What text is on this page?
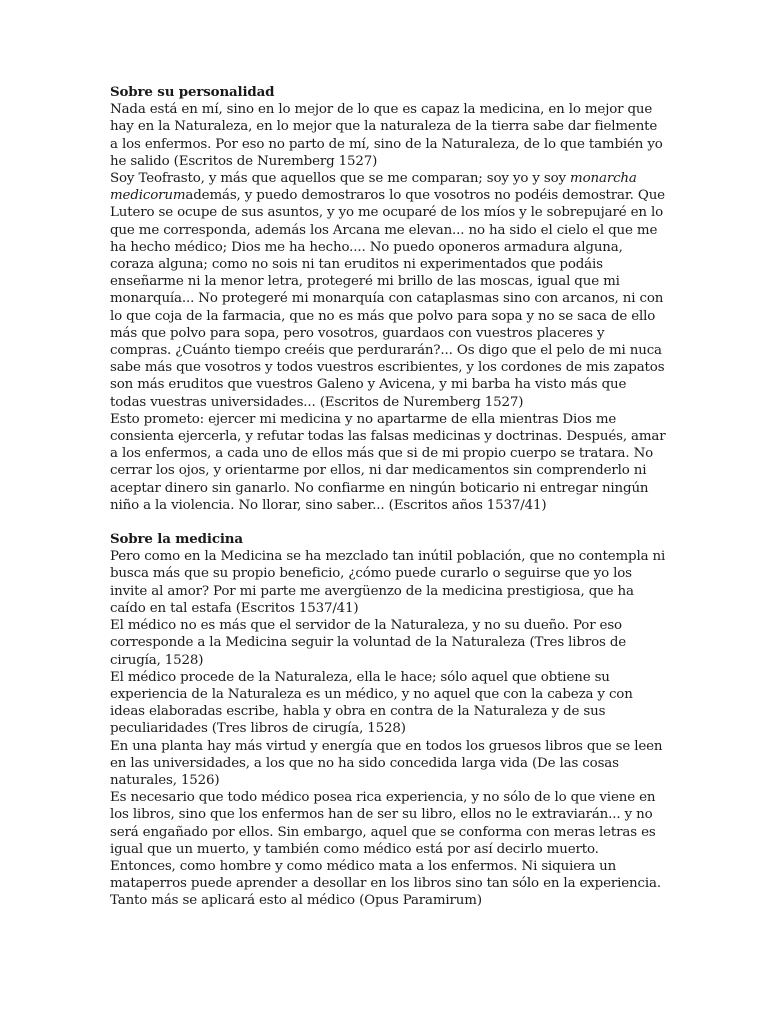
Sobre su personalidad

Nada está en mí, sino en lo mejor de lo que es capaz la medicina, en lo mejor que hay en la Naturaleza, en lo mejor que la naturaleza de la tierra sabe dar fielmente a los enfermos. Por eso no parto de mí, sino de la Naturaleza, de lo que también yo he salido (Escritos de Nuremberg 1527)

Soy Teofrasto, y más que aquellos que se me comparan; soy yo y soy monarcha medicorumademás, y puedo demostraros lo que vosotros no podéis demostrar. Que Lutero se ocupe de sus asuntos, y yo me ocuparé de los míos y le sobrepujaré en lo que me corresponda, además los Arcana me elevan... no ha sido el cielo el que me ha hecho médico; Dios me ha hecho.... No puedo oponeros armadura alguna, coraza alguna; como no sois ni tan eruditos ni experimentados que podáis enseñarme ni la menor letra, protegeré mi brillo de las moscas, igual que mi monarquía... No protegeré mi monarquía con cataplasmas sino con arcanos, ni con lo que coja de la farmacia, que no es más que polvo para sopa y no se saca de ello más que polvo para sopa, pero vosotros, guardaos con vuestros placeres y compras. ¿Cuánto tiempo creéis que perdurarán?... Os digo que el pelo de mi nuca sabe más que vosotros y todos vuestros escribientes, y los cordones de mis zapatos son más eruditos que vuestros Galeno y Avicena, y mi barba ha visto más que todas vuestras universidades... (Escritos de Nuremberg 1527)

Esto prometo: ejercer mi medicina y no apartarme de ella mientras Dios me consienta ejercerla, y refutar todas las falsas medicinas y doctrinas. Después, amar a los enfermos, a cada uno de ellos más que si de mi propio cuerpo se tratara. No cerrar los ojos, y orientarme por ellos, ni dar medicamentos sin comprenderlo ni aceptar dinero sin ganarlo. No confiarme en ningún boticario ni entregar ningún niño a la violencia. No llorar, sino saber... (Escritos años 1537/41)

Sobre la medicina

Pero como en la Medicina se ha mezclado tan inútil población, que no contempla ni busca más que su propio beneficio, ¿cómo puede curarlo o seguirse que yo los invite al amor? Por mi parte me avergüenzo de la medicina prestigiosa, que ha caído en tal estafa (Escritos 1537/41)

El médico no es más que el servidor de la Naturaleza, y no su dueño. Por eso corresponde a la Medicina seguir la voluntad de la Naturaleza (Tres libros de cirugía, 1528)

El médico procede de la Naturaleza, ella le hace; sólo aquel que obtiene su experiencia de la Naturaleza es un médico, y no aquel que con la cabeza y con ideas elaboradas escribe, habla y obra en contra de la Naturaleza y de sus peculiaridades (Tres libros de cirugía, 1528)

En una planta hay más virtud y energía que en todos los gruesos libros que se leen en las universidades, a los que no ha sido concedida larga vida (De las cosas naturales, 1526)

Es necesario que todo médico posea rica experiencia, y no sólo de lo que viene en los libros, sino que los enfermos han de ser su libro, ellos no le extraviarán... y no será engañado por ellos. Sin embargo, aquel que se conforma con meras letras es igual que un muerto, y también como médico está por así decirlo muerto. Entonces, como hombre y como médico mata a los enfermos. Ni siquiera un mataperros puede aprender a desollar en los libros sino tan sólo en la experiencia. Tanto más se aplicará esto al médico (Opus Paramirum)
